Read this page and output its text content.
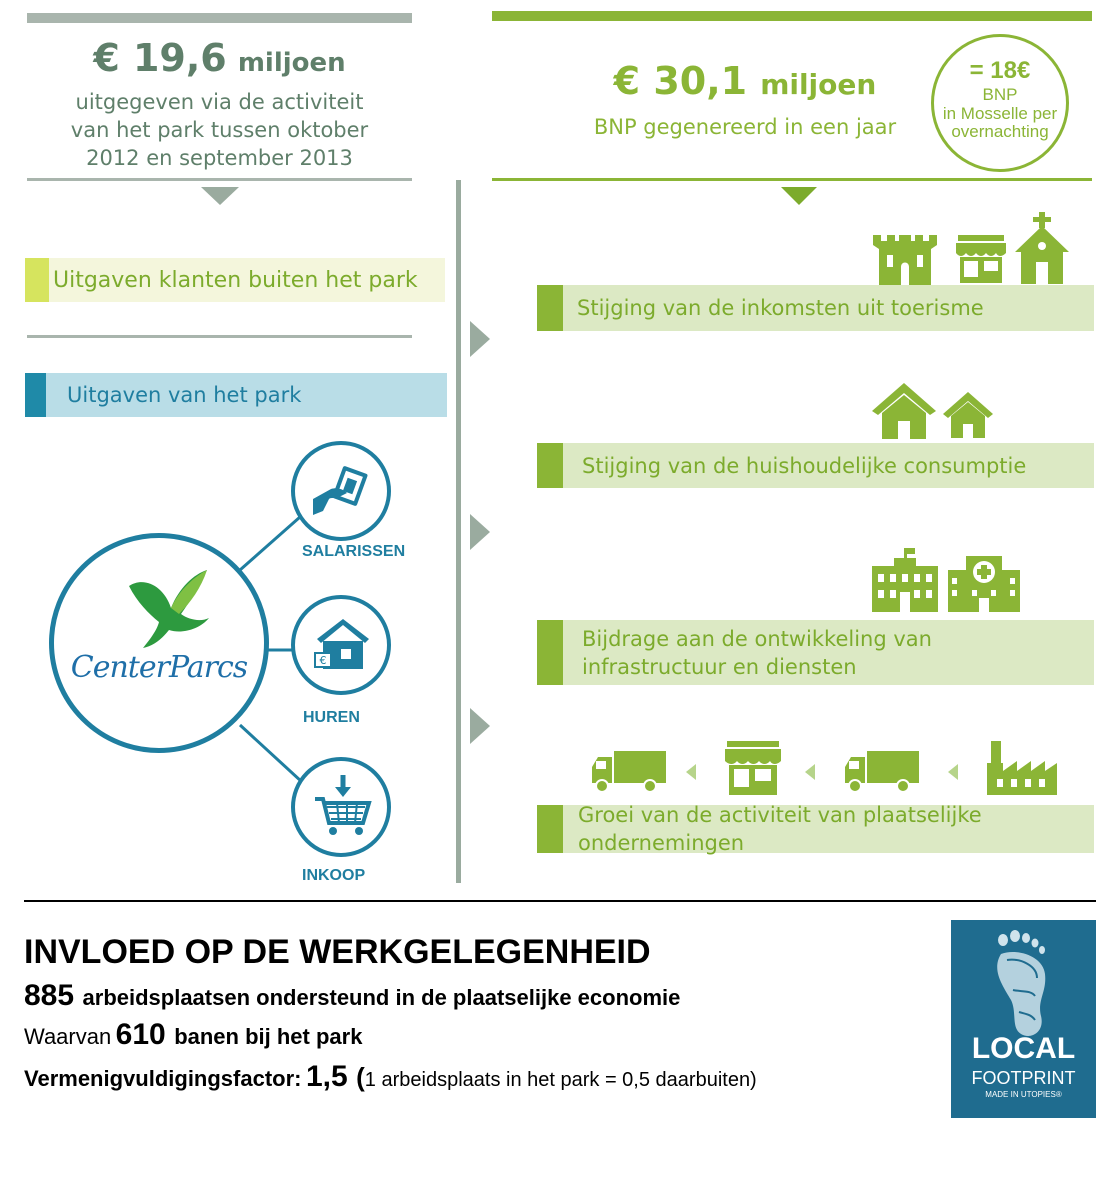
€ 19,6 miljoen
uitgegeven via de activiteit
van het park tussen oktober
2012 en september 2013
€ 30,1 miljoen
BNP gegenereerd in een jaar
= 18€
BNP
in Mosselle per
overnachting
Uitgaven klanten buiten het park
Uitgaven van het park
CenterParcs
SALARISSEN
€
HUREN
INKOOP
Stijging van de inkomsten uit toerisme
Stijging van de huishoudelijke consumptie
Bijdrage aan de ontwikkeling van infrastructuur en diensten
Groei van de activiteit van plaatselijke ondernemingen
INVLOED OP DE WERKGELEGENHEID
885 arbeidsplaatsen ondersteund in de plaatselijke economie
Waarvan 610 banen bij het park
Vermenigvuldigingsfactor: 1,5 (1 arbeidsplaats in het park = 0,5 daarbuiten)
LOCAL
FOOTPRINT
MADE IN UTOPIES®
